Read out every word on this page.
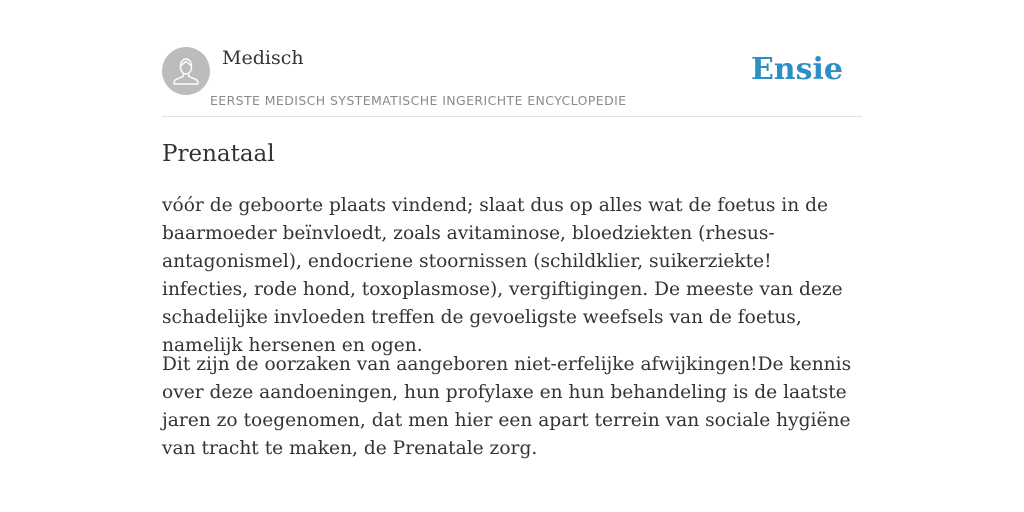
Medisch
EERSTE MEDISCH SYSTEMATISCHE INGERICHTE ENCYCLOPEDIE
Ensie
Prenataal

vóór de geboorte plaats vindend; slaat dus op alles wat de foetus in de baarmoeder beïnvloedt, zoals avitaminose, bloedziekten (rhesus-antagonismel), endocriene stoornissen (schildklier, suikerziekte! infecties, rode hond, toxoplasmose), vergiftigingen. De meeste van deze schadelijke invloeden treffen de gevoeligste weefsels van de foetus, namelijk hersenen en ogen.

Dit zijn de oorzaken van aangeboren niet-erfelijke afwijkingen!De kennis over deze aandoeningen, hun profylaxe en hun behandeling is de laatste jaren zo toegenomen, dat men hier een apart terrein van sociale hygiëne van tracht te maken, de Prenatale zorg.
